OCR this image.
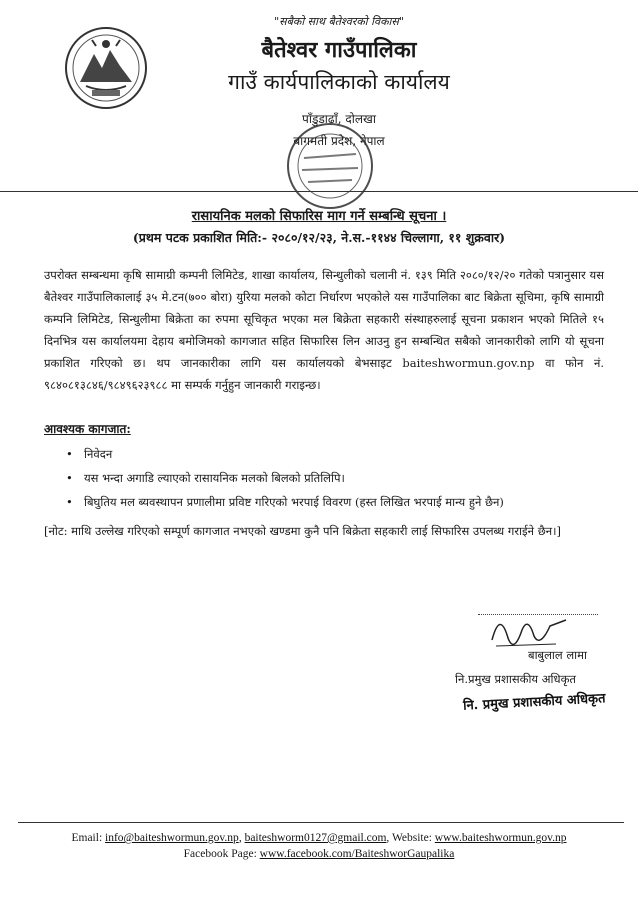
"सबैको साथ बैतेश्वरको विकास"
बैतेश्वर गाउँपालिका
गाउँ कार्यपालिकाको कार्यालय
पाँडुडाढाँ, दोलखा
बागमती प्रदेश, नेपाल
रासायनिक मलको सिफारिस माग गर्ने सम्बन्धि सूचना ।
(प्रथम पटक प्रकाशित मिति:- २०८०/१२/२३, ने.स.-११४४ चिल्लागा, ११ शुक्रवार)
उपरोक्त सम्बन्धमा कृषि सामाग्री कम्पनी लिमिटेड, शाखा कार्यालय, सिन्धुलीको चलानी नं. १३९ मिति २०८०/१२/२० गतेको पत्रानुसार यस बैतेश्वर गाउँपालिकालाई ३५ मे.टन(७०० बोरा) युरिया मलको कोटा निर्धारण भएकोले यस गाउँपालिका बाट बिक्रेता सूचिमा, कृषि सामाग्री कम्पनि लिमिटेड, सिन्धुलीमा बिक्रेता का रुपमा सूचिकृत भएका मल बिक्रेता सहकारी संस्थाहरुलाई सूचना प्रकाशन भएको मितिले १५ दिनभित्र यस कार्यालयमा देहाय बमोजिमको कागजात सहित सिफारिस लिन आउनु हुन सम्बन्धित सबैको जानकारीको लागि यो सूचना प्रकाशित गरिएको छ। थप जानकारीका लागि यस कार्यालयको बेभसाइट baiteshwormun.gov.np वा फोन नं. ९८४०८१३८४६/९८४९६२३९८८ मा सम्पर्क गर्नुहुन जानकारी गराइन्छ।
आवश्यक कागजात:
• निवेदन
• यस भन्दा अगाडि ल्याएको रासायनिक मलको बिलको प्रतिलिपि।
• बिघुतिय मल ब्यवस्थापन प्रणालीमा प्रविष्ट गरिएको भरपाई विवरण (हस्त लिखित भरपाई मान्य हुने छैन)
[नोट: माथि उल्लेख गरिएको सम्पूर्ण कागजात नभएको खण्डमा कुनै पनि बिक्रेता सहकारी लाई सिफारिस उपलब्ध गराईने छैन।]
बाबुलाल लामा
नि.प्रमुख प्रशासकीय अधिकृत
नि. प्रमुख प्रशासकीय अधिकृत
Email: info@baiteshwormun.gov.np, baiteshworm0127@gmail.com, Website: www.baiteshwormun.gov.np
Facebook Page: www.facebook.com/BaiteshworGaupalika
